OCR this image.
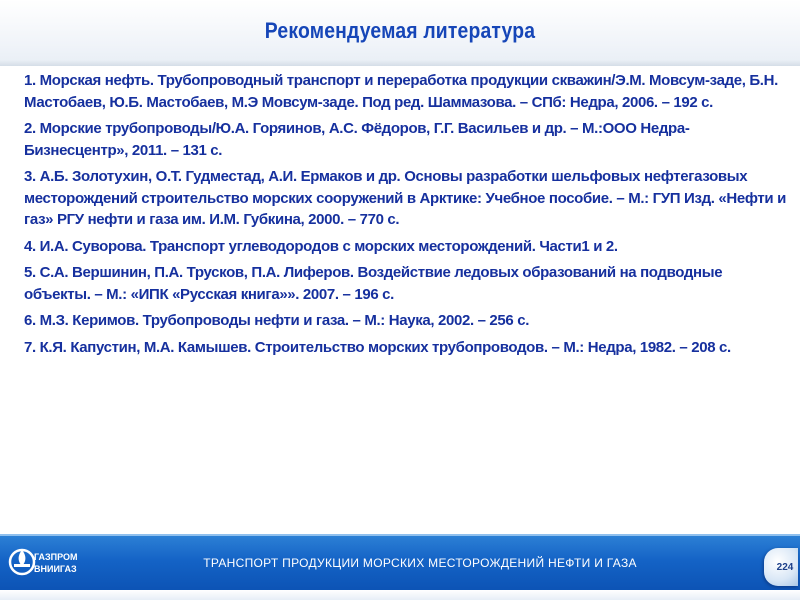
Рекомендуемая литература

1. Морская нефть. Трубопроводный транспорт и переработка продукции скважин/Э.М. Мовсум-заде, Б.Н. Мастобаев, Ю.Б. Мастобаев, М.Э Мовсум-заде. Под ред. Шаммазова. – СПб: Недра, 2006. – 192 с.

2. Морские трубопроводы/Ю.А. Горяинов, А.С. Фёдоров, Г.Г. Васильев и др. – М.:ООО Недра-Бизнесцентр», 2011. – 131 с.

3. А.Б. Золотухин, О.Т. Гудместад, А.И. Ермаков и др. Основы разработки шельфовых нефтегазовых месторождений строительство морских сооружений в Арктике: Учебное пособие. – М.: ГУП Изд. «Нефти и газ» РГУ нефти и газа им. И.М. Губкина, 2000. – 770 с.

4. И.А. Суворова. Транспорт углеводородов с морских месторождений. Части1 и 2.

5. С.А. Вершинин, П.А. Трусков, П.А. Лиферов. Воздействие ледовых образований на подводные объекты. – М.: «ИПК «Русская книга»». 2007. – 196 с.

6. М.З. Керимов. Трубопроводы нефти и газа. – М.: Наука, 2002. – 256 с.

7. К.Я. Капустин, М.А. Камышев. Строительство морских трубопроводов. – М.: Недра, 1982. – 208 с.

ГАЗПРОМ
ВНИИГАЗ	ТРАНСПОРТ ПРОДУКЦИИ МОРСКИХ МЕСТОРОЖДЕНИЙ НЕФТИ И ГАЗА	224
